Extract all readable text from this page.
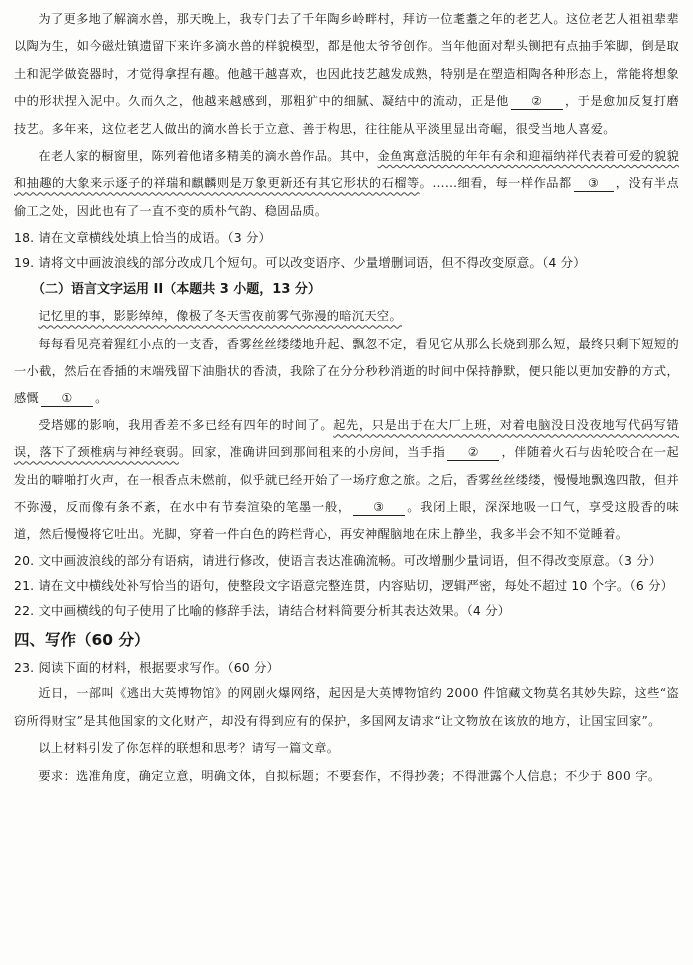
为了更多地了解滴水兽，那天晚上，我专门去了千年陶乡岭畔村，拜访一位耄耋之年的老艺人。这位老艺人祖祖辈辈以陶为生，如今磁灶镇遗留下来许多滴水兽的样貌模型，都是他太爷爷创作。当年他面对犁头铡把有点抽手笨脚，倒是取土和泥学做瓷器时，才觉得拿捏有趣。他越干越喜欢，也因此技艺越发成熟，特别是在塑造相陶各种形态上，常能将想象中的形状捏入泥中。久而久之，他越来越感到，那粗犷中的细腻、凝结中的流动，正是他 ② ，于是愈加反复打磨技艺。多年来，这位老艺人做出的滴水兽长于立意、善于构思，往往能从平淡里显出奇崛，很受当地人喜爱。

在老人家的橱窗里，陈列着他诸多精美的滴水兽作品。其中，金鱼寓意活脱的年年有余和迎福纳祥代表着可爱的貌貌和抽趣的大象来示逐子的祥瑞和麒麟则是万象更新还有其它形状的石榴等。……细看，每一样作品都 ③ ，没有半点偷工之处，因此也有了一直不变的质朴气韵、稳固品质。

18. 请在文章横线处填上恰当的成语。（3 分）

19. 请将文中画波浪线的部分改成几个短句。可以改变语序、少量增删词语，但不得改变原意。（4 分）

（二）语言文字运用 II（本题共 3 小题，13 分）

记忆里的事，影影绰绰，像极了冬天雪夜前雾气弥漫的暗沉天空。

每每看见亮着猩红小点的一支香，香雾丝丝缕缕地升起、飘忽不定，看见它从那么长烧到那么短，最终只剩下短短的一小截，然后在香插的末端残留下油脂状的香渍，我除了在分分秒秒消逝的时间中保持静默，便只能以更加安静的方式，感慨 ① 。

受塔娜的影响，我用香差不多已经有四年的时间了。起先，只是出于在大厂上班，对着电脑没日没夜地写代码写错误，落下了颈椎病与神经衰弱。回家，准确讲回到那间租来的小房间，当手指 ② ，伴随着火石与齿轮咬合在一起发出的噼啪打火声，在一根香点未燃前，似乎就已经开始了一场疗愈之旅。之后，香雾丝丝缕缕，慢慢地飘逸四散，但并不弥漫，反而像有条不紊，在水中有节奏渲染的笔墨一般， ③ 。我闭上眼，深深地吸一口气，享受这股香的味道，然后慢慢将它吐出。光脚，穿着一件白色的跨栏背心，再安神醒脑地在床上静坐，我多半会不知不觉睡着。

20. 文中画波浪线的部分有语病，请进行修改，使语言表达准确流畅。可改增删少量词语，但不得改变原意。（3 分）

21. 请在文中横线处补写恰当的语句，使整段文字语意完整连贯，内容贴切，逻辑严密，每处不超过 10 个字。（6 分）

22. 文中画横线的句子使用了比喻的修辞手法，请结合材料简要分析其表达效果。（4 分）

四、写作（60 分）

23. 阅读下面的材料，根据要求写作。（60 分）

近日，一部叫《逃出大英博物馆》的网剧火爆网络，起因是大英博物馆约 2000 件馆藏文物莫名其妙失踪，这些“盗窃所得财宝”是其他国家的文化财产，却没有得到应有的保护，多国网友请求“让文物放在该放的地方，让国宝回家”。

以上材料引发了你怎样的联想和思考？请写一篇文章。

要求：选准角度，确定立意，明确文体，自拟标题；不要套作，不得抄袭；不得泄露个人信息；不少于 800 字。
